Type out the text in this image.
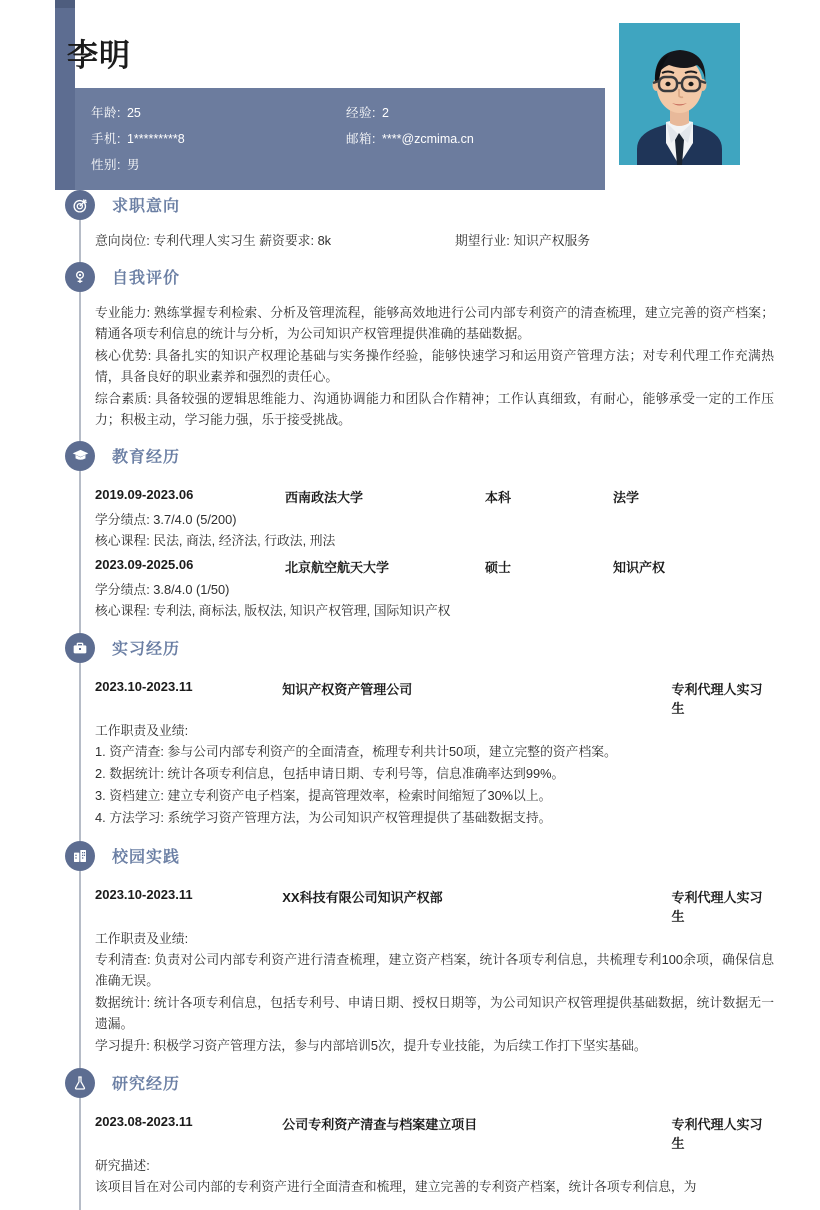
李明
年龄: 25	经验: 2
手机: 1*********8	邮箱: ****@zcmima.cn
性别: 男
求职意向
意向岗位: 专利代理人实习生 薪资要求: 8k	期望行业: 知识产权服务
自我评价

专业能力: 熟练掌握专利检索、分析及管理流程，能够高效地进行公司内部专利资产的清查梳理，建立完善的资产档案；精通各项专利信息的统计与分析，为公司知识产权管理提供准确的基础数据。

核心优势: 具备扎实的知识产权理论基础与实务操作经验，能够快速学习和运用资产管理方法；对专利代理工作充满热情，具备良好的职业素养和强烈的责任心。

综合素质: 具备较强的逻辑思维能力、沟通协调能力和团队合作精神；工作认真细致，有耐心，能够承受一定的工作压力；积极主动，学习能力强，乐于接受挑战。

教育经历
2019.09-2023.06	西南政法大学	本科	法学

学分绩点: 3.7/4.0 (5/200)

核心课程: 民法, 商法, 经济法, 行政法, 刑法

2023.09-2025.06	北京航空航天大学	硕士	知识产权

学分绩点: 3.8/4.0 (1/50)

核心课程: 专利法, 商标法, 版权法, 知识产权管理, 国际知识产权

实习经历
2023.10-2023.11	知识产权资产管理公司	专利代理人实习生

工作职责及业绩:

1. 资产清查: 参与公司内部专利资产的全面清查，梳理专利共计50项，建立完整的资产档案。
2. 数据统计: 统计各项专利信息，包括申请日期、专利号等，信息准确率达到99%。
3. 资档建立: 建立专利资产电子档案，提高管理效率，检索时间缩短了30%以上。
4. 方法学习: 系统学习资产管理方法，为公司知识产权管理提供了基础数据支持。
校园实践
2023.10-2023.11	XX科技有限公司知识产权部	专利代理人实习生

工作职责及业绩:

专利清查: 负责对公司内部专利资产进行清查梳理，建立资产档案，统计各项专利信息，共梳理专利100余项，确保信息准确无误。

数据统计: 统计各项专利信息，包括专利号、申请日期、授权日期等，为公司知识产权管理提供基础数据，统计数据无一遗漏。

学习提升: 积极学习资产管理方法，参与内部培训5次，提升专业技能，为后续工作打下坚实基础。

研究经历
2023.08-2023.11	公司专利资产清查与档案建立项目	专利代理人实习生

研究描述:

该项目旨在对公司内部的专利资产进行全面清查和梳理，建立完善的专利资产档案，统计各项专利信息，为
